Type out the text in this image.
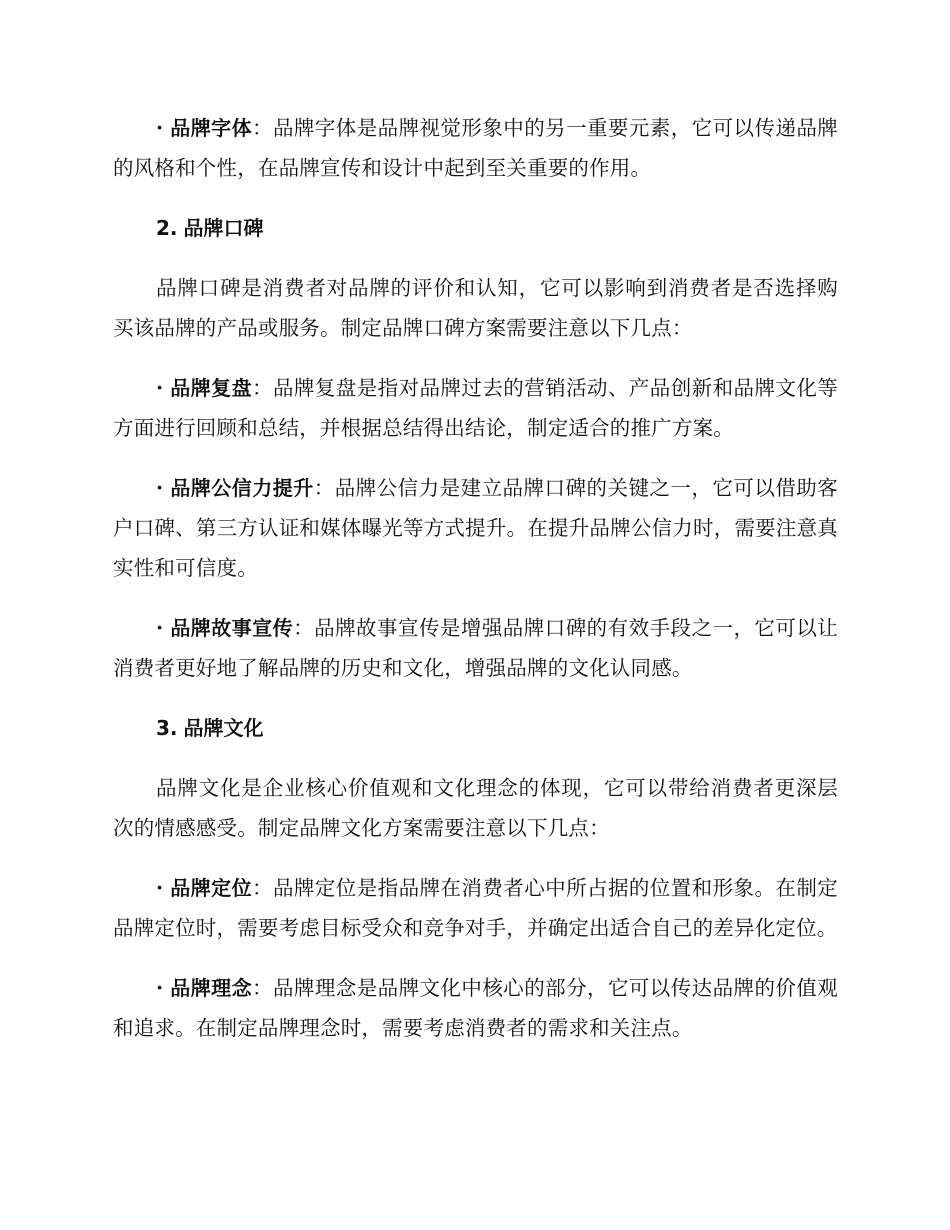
· 品牌字体：品牌字体是品牌视觉形象中的另一重要元素，它可以传递品牌的风格和个性，在品牌宣传和设计中起到至关重要的作用。

2. 品牌口碑

品牌口碑是消费者对品牌的评价和认知，它可以影响到消费者是否选择购买该品牌的产品或服务。制定品牌口碑方案需要注意以下几点：

· 品牌复盘：品牌复盘是指对品牌过去的营销活动、产品创新和品牌文化等方面进行回顾和总结，并根据总结得出结论，制定适合的推广方案。

· 品牌公信力提升：品牌公信力是建立品牌口碑的关键之一，它可以借助客户口碑、第三方认证和媒体曝光等方式提升。在提升品牌公信力时，需要注意真实性和可信度。

· 品牌故事宣传：品牌故事宣传是增强品牌口碑的有效手段之一，它可以让消费者更好地了解品牌的历史和文化，增强品牌的文化认同感。

3. 品牌文化

品牌文化是企业核心价值观和文化理念的体现，它可以带给消费者更深层次的情感感受。制定品牌文化方案需要注意以下几点：

· 品牌定位：品牌定位是指品牌在消费者心中所占据的位置和形象。在制定品牌定位时，需要考虑目标受众和竞争对手，并确定出适合自己的差异化定位。

· 品牌理念：品牌理念是品牌文化中核心的部分，它可以传达品牌的价值观和追求。在制定品牌理念时，需要考虑消费者的需求和关注点。
